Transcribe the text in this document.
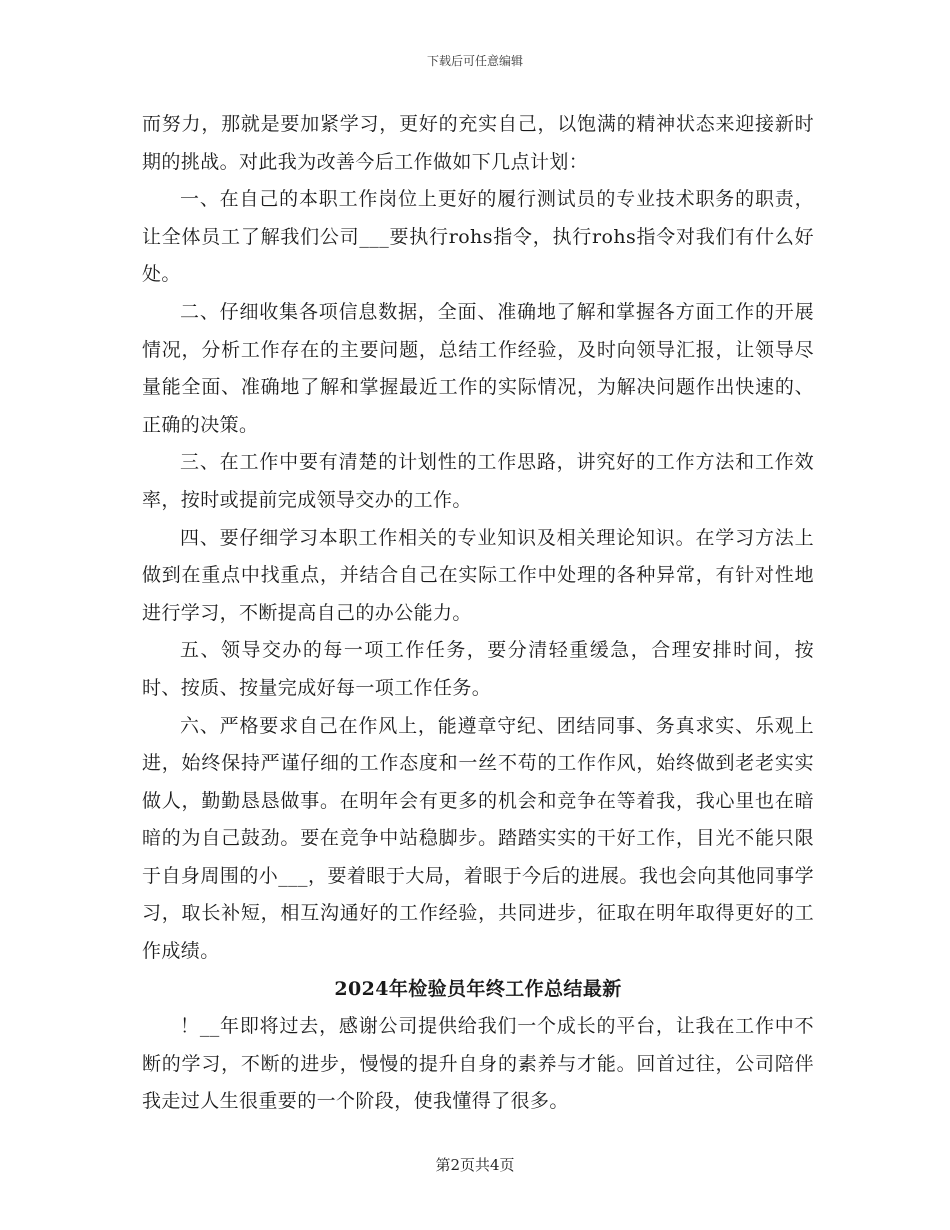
下载后可任意编辑

而努力，那就是要加紧学习，更好的充实自己，以饱满的精神状态来迎接新时期的挑战。对此我为改善今后工作做如下几点计划：

一、在自己的本职工作岗位上更好的履行测试员的专业技术职务的职责，让全体员工了解我们公司___要执行rohs指令，执行rohs指令对我们有什么好处。

二、仔细收集各项信息数据，全面、准确地了解和掌握各方面工作的开展情况，分析工作存在的主要问题，总结工作经验，及时向领导汇报，让领导尽量能全面、准确地了解和掌握最近工作的实际情况，为解决问题作出快速的、正确的决策。

三、在工作中要有清楚的计划性的工作思路，讲究好的工作方法和工作效率，按时或提前完成领导交办的工作。

四、要仔细学习本职工作相关的专业知识及相关理论知识。在学习方法上做到在重点中找重点，并结合自己在实际工作中处理的各种异常，有针对性地进行学习，不断提高自己的办公能力。

五、领导交办的每一项工作任务，要分清轻重缓急，合理安排时间，按时、按质、按量完成好每一项工作任务。

六、严格要求自己在作风上，能遵章守纪、团结同事、务真求实、乐观上进，始终保持严谨仔细的工作态度和一丝不苟的工作作风，始终做到老老实实做人，勤勤恳恳做事。在明年会有更多的机会和竞争在等着我，我心里也在暗暗的为自己鼓劲。要在竞争中站稳脚步。踏踏实实的干好工作，目光不能只限于自身周围的小___，要着眼于大局，着眼于今后的进展。我也会向其他同事学习，取长补短，相互沟通好的工作经验，共同进步，征取在明年取得更好的工作成绩。

2024年检验员年终工作总结最新

！__年即将过去，感谢公司提供给我们一个成长的平台，让我在工作中不断的学习，不断的进步，慢慢的提升自身的素养与才能。回首过往，公司陪伴我走过人生很重要的一个阶段，使我懂得了很多。

第2页共4页
